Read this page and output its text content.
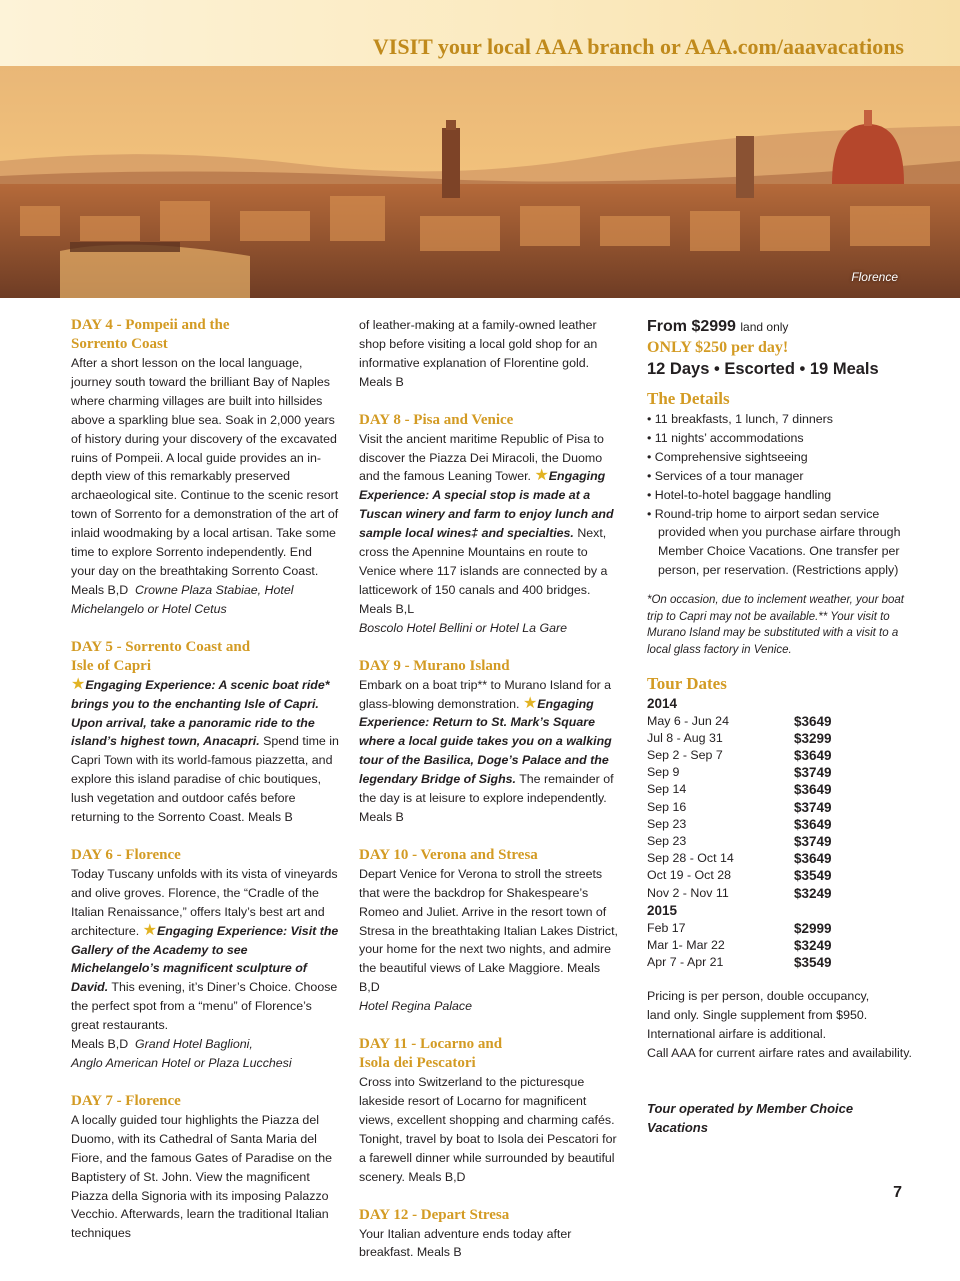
VISIT your local AAA branch or AAA.com/aaavacations
Florence
DAY 4 - Pompeii and the
Sorrento Coast

After a short lesson on the local language, journey south toward the brilliant Bay of Naples where charming villages are built into hillsides above a sparkling blue sea. Soak in 2,000 years of history during your discovery of the excavated ruins of Pompeii. A local guide provides an in-depth view of this remarkably preserved archaeological site. Continue to the scenic resort town of Sorrento for a demonstration of the art of inlaid woodmaking by a local artisan. Take some time to explore Sorrento independently. End your day on the breathtaking Sorrento Coast. Meals B,D Crowne Plaza Stabiae, Hotel Michelangelo or Hotel Cetus

DAY 5 - Sorrento Coast and
Isle of Capri

★Engaging Experience: A scenic boat ride* brings you to the enchanting Isle of Capri. Upon arrival, take a panoramic ride to the island’s highest town, Anacapri. Spend time in Capri Town with its world-famous piazzetta, and explore this island paradise of chic boutiques, lush vegetation and outdoor cafés before returning to the Sorrento Coast. Meals B

DAY 6 - Florence

Today Tuscany unfolds with its vista of vineyards and olive groves. Florence, the “Cradle of the Italian Renaissance,” offers Italy’s best art and architecture. ★Engaging Experience: Visit the Gallery of the Academy to see Michelangelo’s magnificent sculpture of David. This evening, it’s Diner’s Choice. Choose the perfect spot from a “menu” of Florence’s great restaurants.
Meals B,D Grand Hotel Baglioni,
Anglo American Hotel or Plaza Lucchesi

DAY 7 - Florence

A locally guided tour highlights the Piazza del Duomo, with its Cathedral of Santa Maria del Fiore, and the famous Gates of Paradise on the Baptistery of St. John. View the magnificent Piazza della Signoria with its imposing Palazzo Vecchio. Afterwards, learn the traditional Italian techniques

of leather-making at a family-owned leather shop before visiting a local gold shop for an informative explanation of Florentine gold. Meals B

DAY 8 - Pisa and Venice

Visit the ancient maritime Republic of Pisa to discover the Piazza Dei Miracoli, the Duomo and the famous Leaning Tower. ★Engaging Experience: A special stop is made at a Tuscan winery and farm to enjoy lunch and sample local wines‡ and specialties. Next, cross the Apennine Mountains en route to Venice where 117 islands are connected by a latticework of 150 canals and 400 bridges. Meals B,L
Boscolo Hotel Bellini or Hotel La Gare

DAY 9 - Murano Island

Embark on a boat trip** to Murano Island for a glass-blowing demonstration. ★Engaging Experience: Return to St. Mark’s Square where a local guide takes you on a walking tour of the Basilica, Doge’s Palace and the legendary Bridge of Sighs. The remainder of the day is at leisure to explore independently. Meals B

DAY 10 - Verona and Stresa

Depart Venice for Verona to stroll the streets that were the backdrop for Shakespeare’s Romeo and Juliet. Arrive in the resort town of Stresa in the breathtaking Italian Lakes District, your home for the next two nights, and admire the beautiful views of Lake Maggiore. Meals B,D
Hotel Regina Palace

DAY 11 - Locarno and
Isola dei Pescatori

Cross into Switzerland to the picturesque lakeside resort of Locarno for magnificent views, excellent shopping and charming cafés. Tonight, travel by boat to Isola dei Pescatori for a farewell dinner while surrounded by beautiful scenery. Meals B,D

DAY 12 - Depart Stresa

Your Italian adventure ends today after breakfast. Meals B

From $2999 land only

ONLY $250 per day!

12 Days • Escorted • 19 Meals

The Details

• 11 breakfasts, 1 lunch, 7 dinners
• 11 nights’ accommodations
• Comprehensive sightseeing
• Services of a tour manager
• Hotel-to-hotel baggage handling
• Round-trip home to airport sedan service provided when you purchase airfare through Member Choice Vacations. One transfer per person, per reservation. (Restrictions apply)

*On occasion, due to inclement weather, your boat trip to Capri may not be available.** Your visit to Murano Island may be substituted with a visit to a local glass factory in Venice.

Tour Dates

2014
May 6 - Jun 24	$3649
Jul 8 - Aug 31	$3299
Sep 2 - Sep 7	$3649
Sep 9	$3749
Sep 14	$3649
Sep 16	$3749
Sep 23	$3649
Sep 23	$3749
Sep 28 - Oct 14	$3649
Oct 19 - Oct 28	$3549
Nov 2 - Nov 11	$3249
2015
Feb 17	$2999
Mar 1- Mar 22	$3249
Apr 7 - Apr 21	$3549

Pricing is per person, double occupancy,

land only. Single supplement from $950.

International airfare is additional.

Call AAA for current airfare rates and availability.

Tour operated by Member Choice Vacations
7
